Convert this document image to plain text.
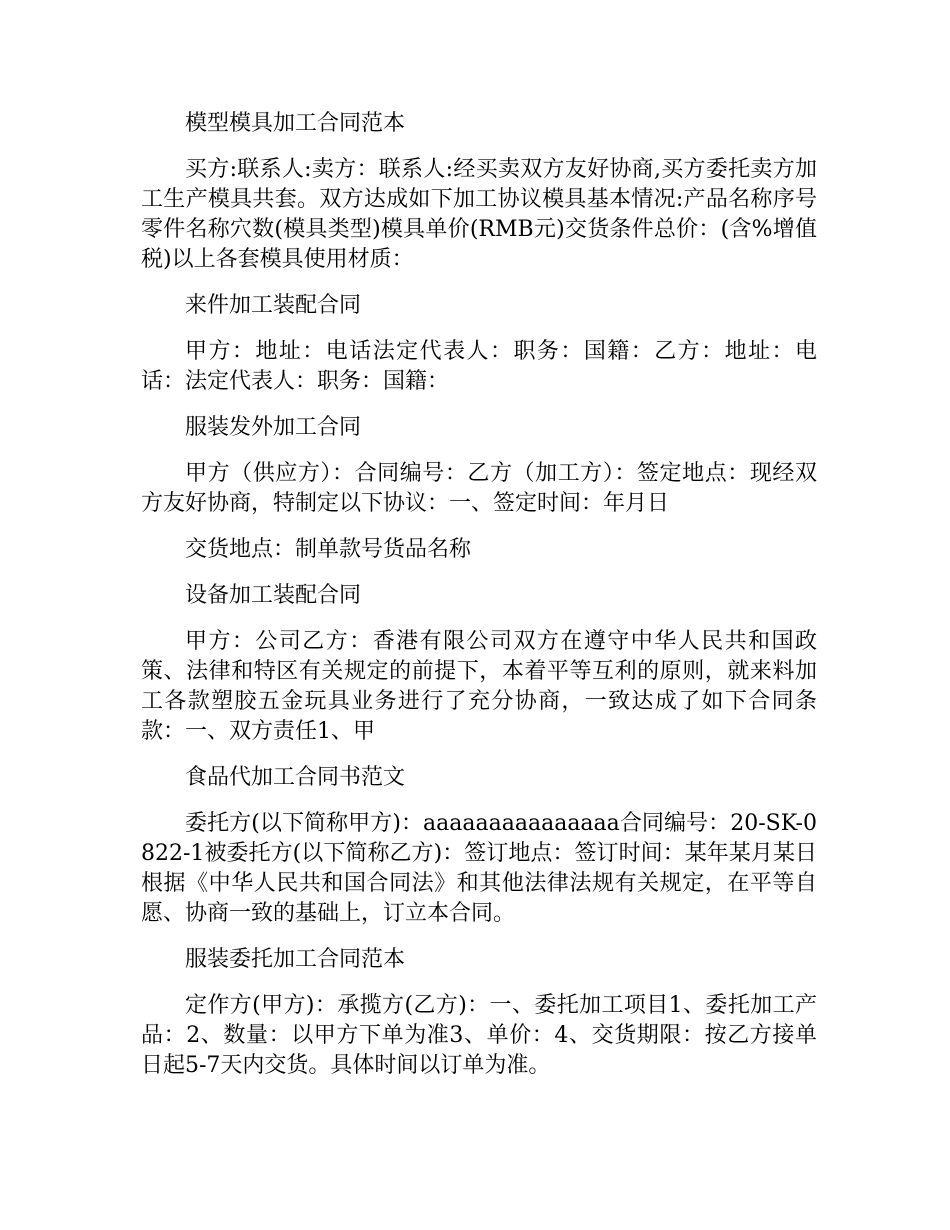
模型模具加工合同范本

买方:联系人:卖方：联系人:经买卖双方友好协商,买方委托卖方加工生产模具共套。双方达成如下加工协议模具基本情况:产品名称序号零件名称穴数(模具类型)模具单价(RMB元)交货条件总价：(含%增值税)以上各套模具使用材质：

来件加工装配合同

甲方：地址：电话法定代表人：职务：国籍：乙方：地址：电话：法定代表人：职务：国籍：

服装发外加工合同

甲方（供应方）：合同编号：乙方（加工方）：签定地点：现经双方友好协商，特制定以下协议：一、签定时间：年月日

交货地点：制单款号货品名称

设备加工装配合同

甲方：公司乙方：香港有限公司双方在遵守中华人民共和国政策、法律和特区有关规定的前提下，本着平等互利的原则，就来料加工各款塑胶五金玩具业务进行了充分协商，一致达成了如下合同条款：一、双方责任1、甲

食品代加工合同书范文

委托方(以下简称甲方)：aaaaaaaaaaaaaaa合同编号：20-SK-0822-1被委托方(以下简称乙方)：签订地点：签订时间：某年某月某日根据《中华人民共和国合同法》和其他法律法规有关规定，在平等自愿、协商一致的基础上，订立本合同。

服装委托加工合同范本

定作方(甲方)：承揽方(乙方)：一、委托加工项目1、委托加工产品：2、数量：以甲方下单为准3、单价：4、交货期限：按乙方接单日起5-7天内交货。具体时间以订单为准。
